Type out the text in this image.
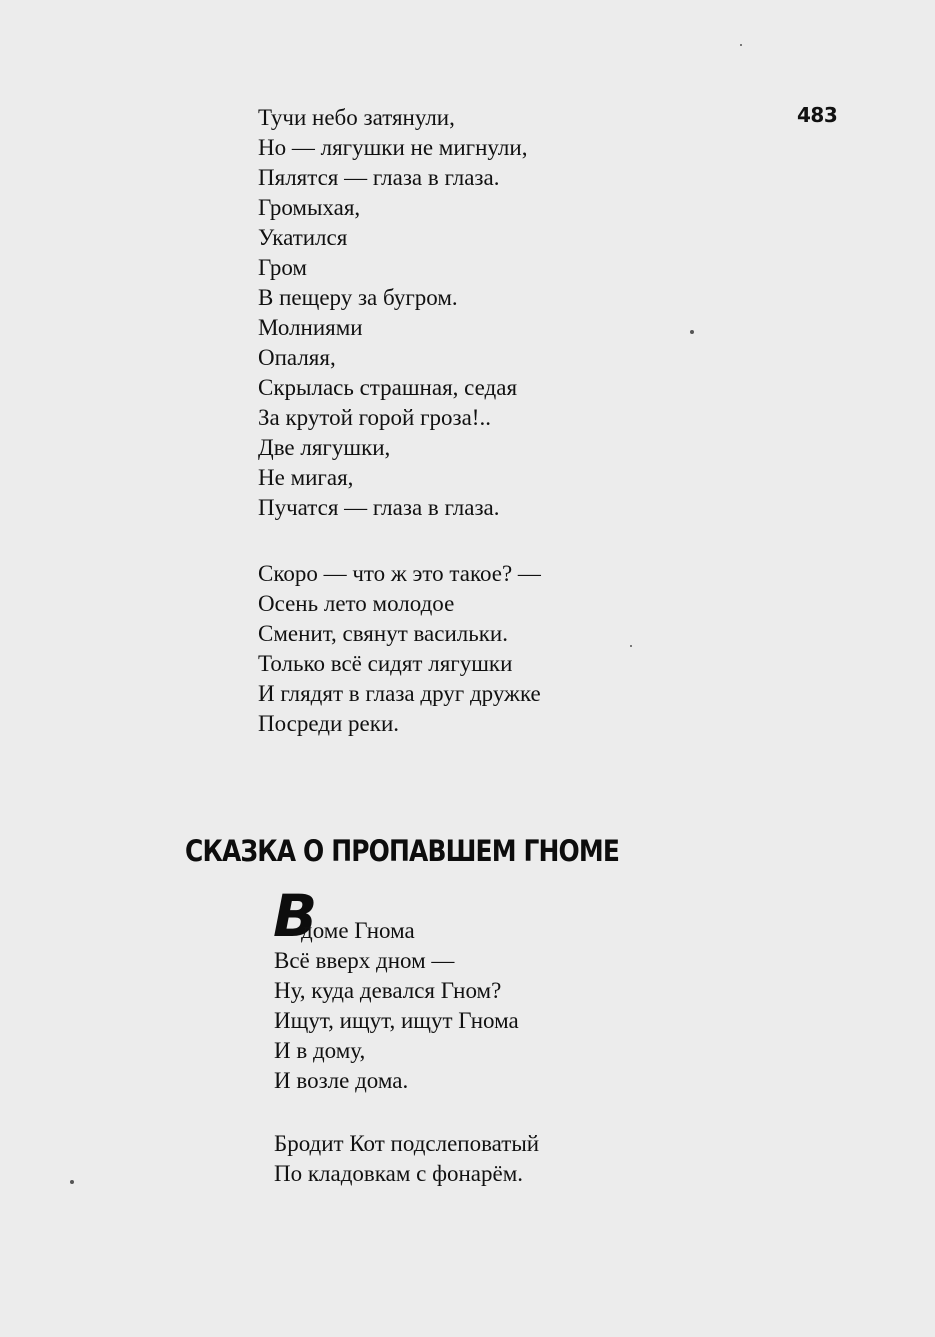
483
Тучи небо затянули,
Но — лягушки не мигнули,
Пялятся — глаза в глаза.
Громыхая,
Укатился
Гром
В пещеру за бугром.
Молниями
Опаляя,
Скрылась страшная, седая
За крутой горой гроза!..
Две лягушки,
Не мигая,
Пучатся — глаза в глаза.
Скоро — что ж это такое? —
Осень лето молодое
Сменит, свянут васильки.
Только всё сидят лягушки
И глядят в глаза друг дружке
Посреди реки.
СКАЗКА О ПРОПАВШЕМ ГНОМЕ
В
доме Гнома
Всё вверх дном —
Ну, куда девался Гном?
Ищут, ищут, ищут Гнома
И в дому,
И возле дома.
Бродит Кот подслеповатый
По кладовкам с фонарём.
